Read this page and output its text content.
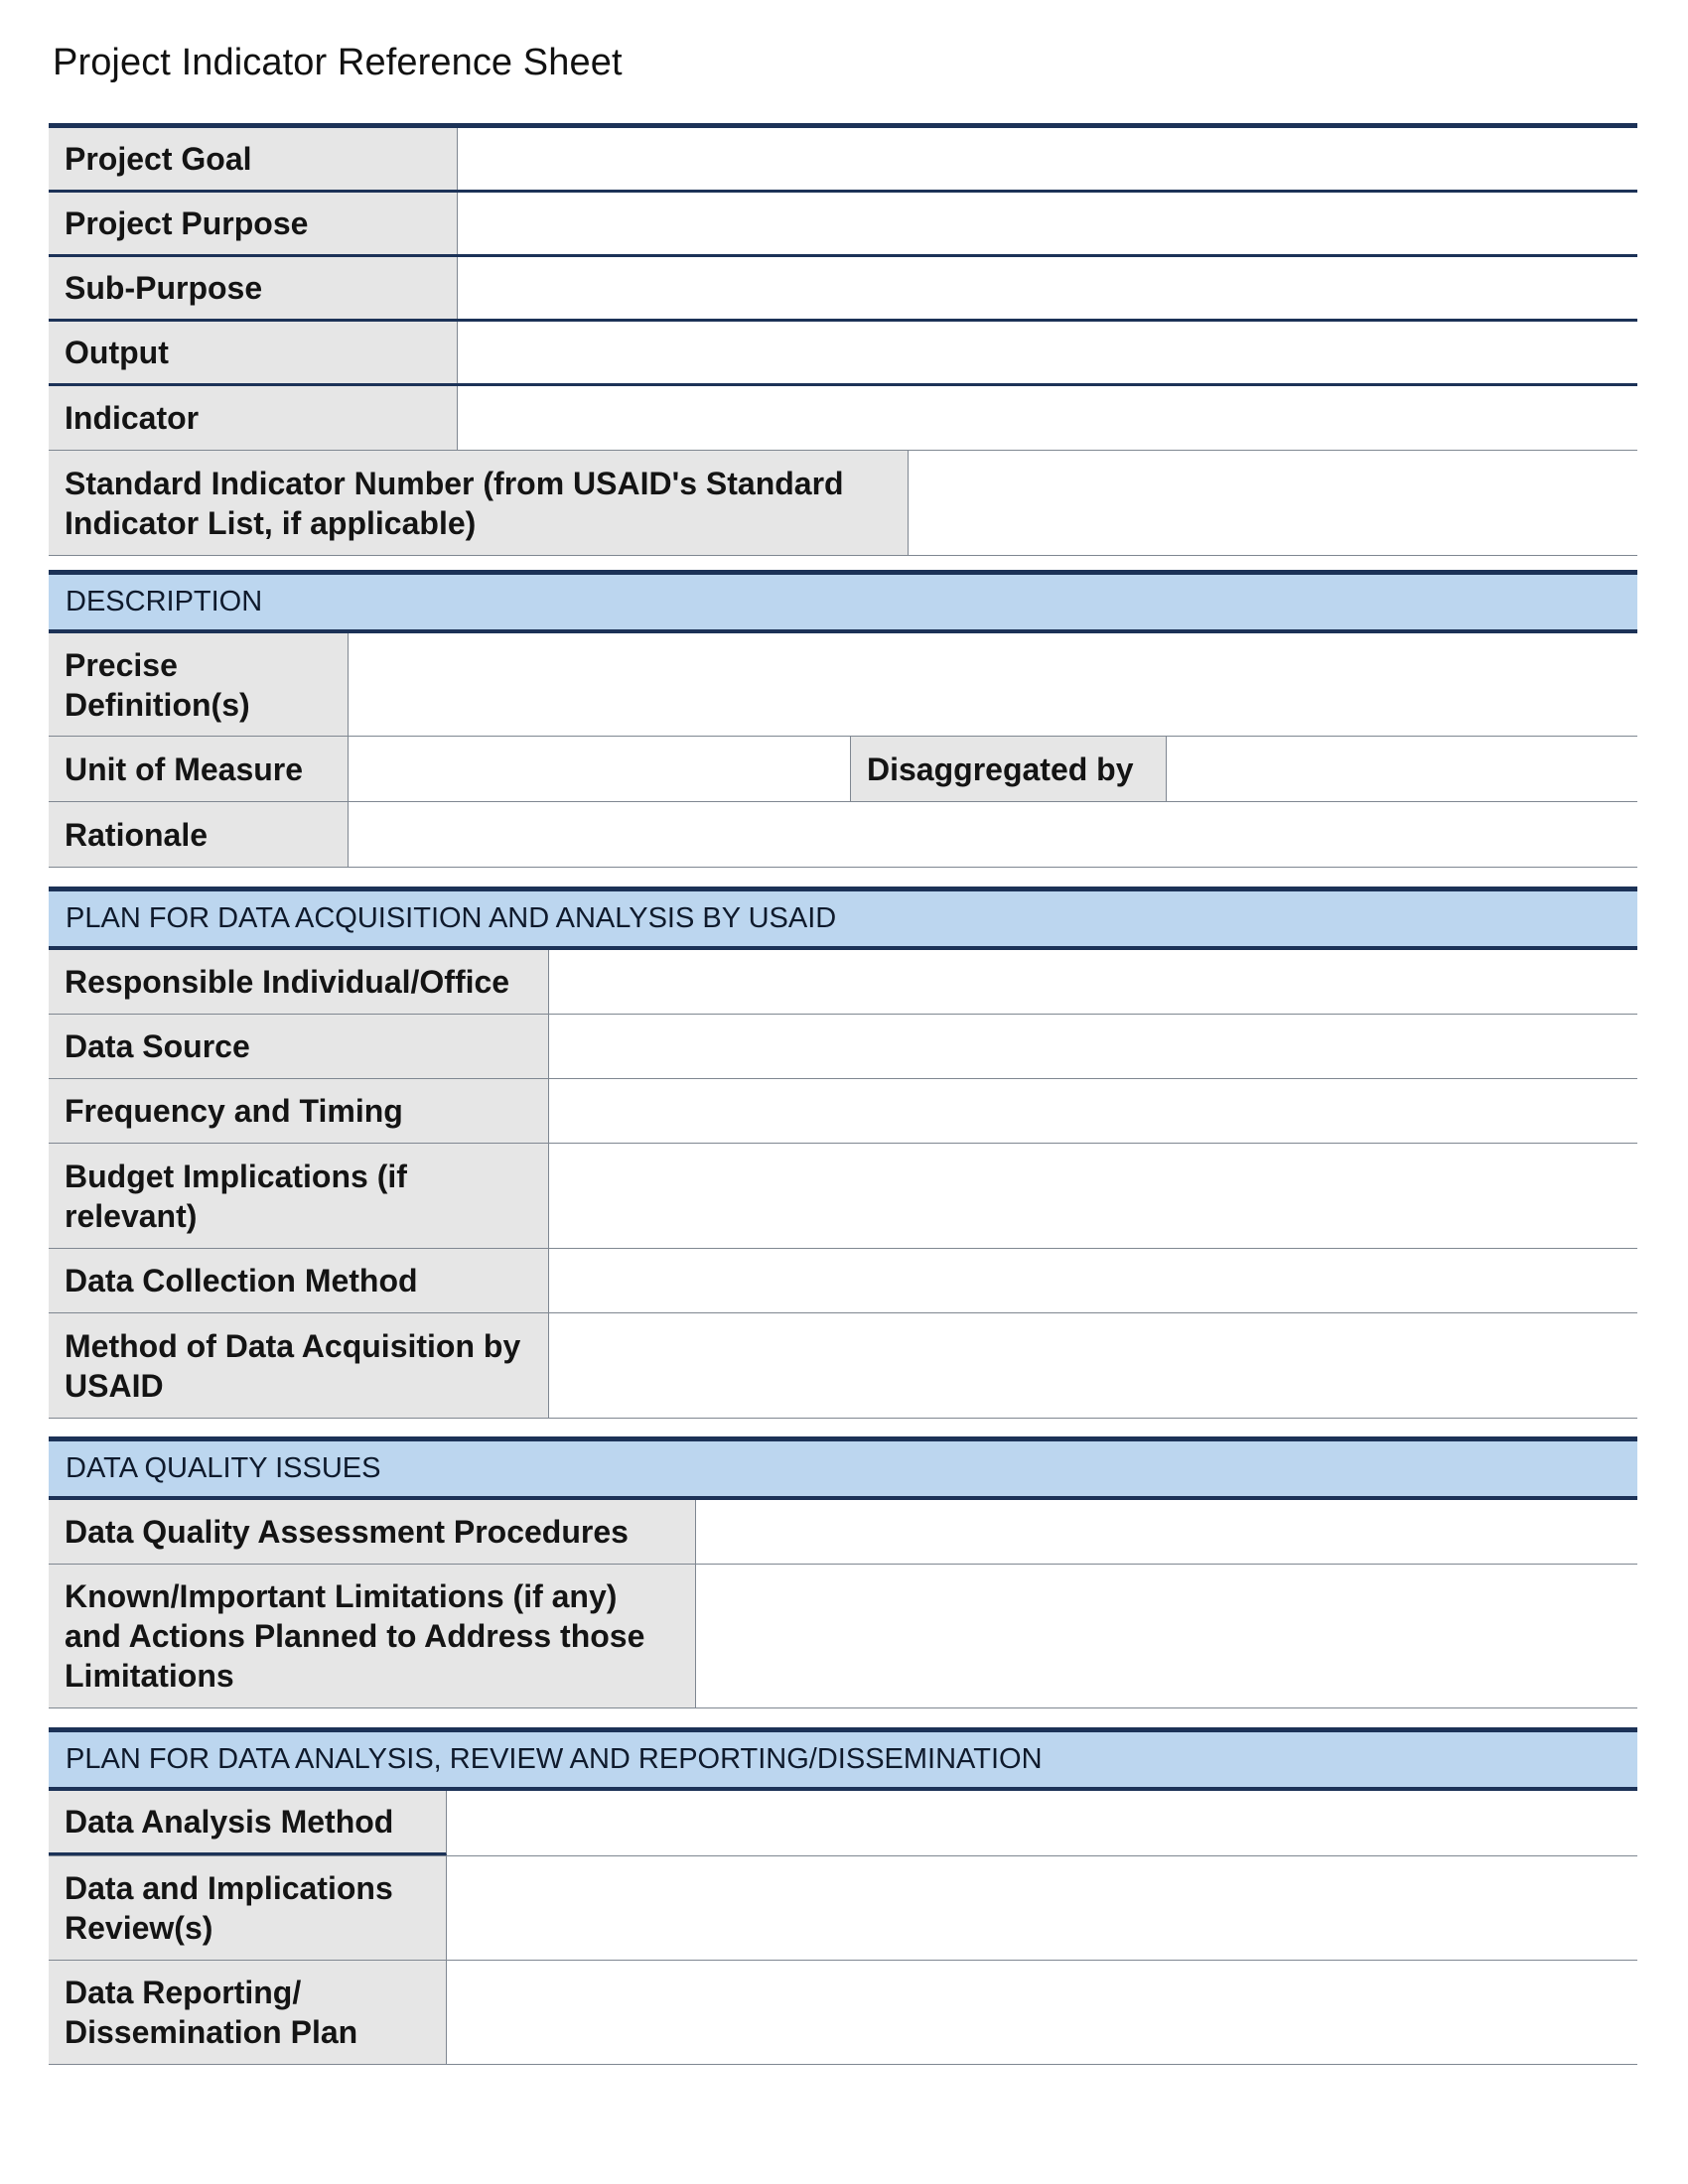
Project Indicator Reference Sheet
Project Goal
Project Purpose
Sub-Purpose
Output
Indicator
Standard Indicator Number (from USAID's Standard Indicator List, if applicable)
DESCRIPTION
Precise Definition(s)
Unit of Measure	Disaggregated by
Rationale
PLAN FOR DATA ACQUISITION AND ANALYSIS BY USAID
Responsible Individual/Office
Data Source
Frequency and Timing
Budget Implications (if relevant)
Data Collection Method
Method of Data Acquisition by USAID
DATA QUALITY ISSUES
Data Quality Assessment Procedures
Known/Important Limitations (if any) and Actions Planned to Address those Limitations
PLAN FOR DATA ANALYSIS, REVIEW AND REPORTING/DISSEMINATION
Data Analysis Method
Data and Implications Review(s)
Data Reporting/ Dissemination Plan
